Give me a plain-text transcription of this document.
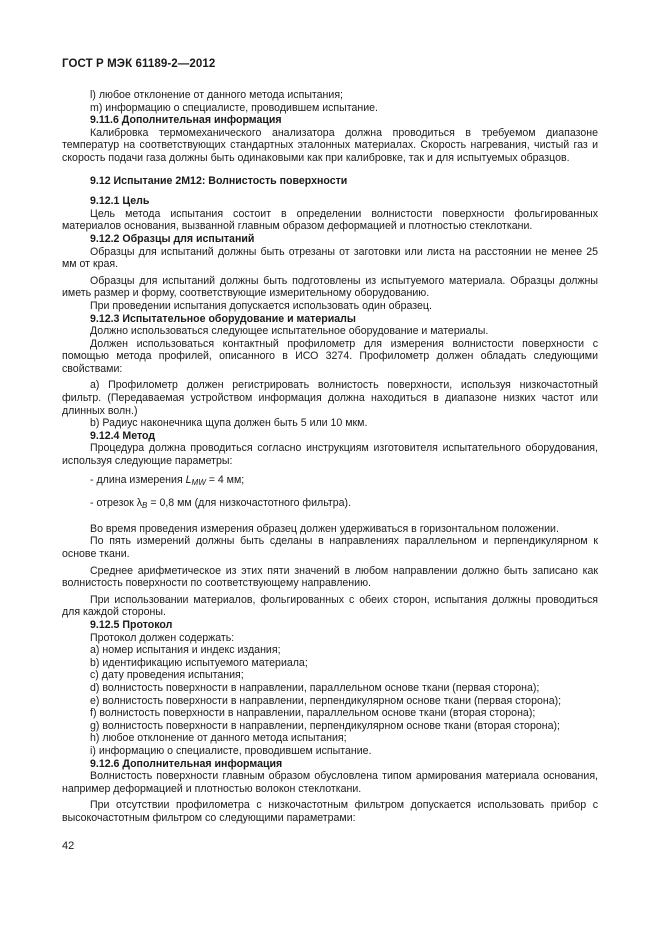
ГОСТ Р МЭК 61189-2—2012

l) любое отклонение от данного метода испытания;

m) информацию о специалисте, проводившем испытание.

9.11.6 Дополнительная информация

Калибровка термомеханического анализатора должна проводиться в требуемом диапазоне температур на соответствующих стандартных эталонных материалах. Скорость нагревания, чистый газ и скорость подачи газа должны быть одинаковыми как при калибровке, так и для испытуемых образцов.

9.12 Испытание 2M12: Волнистость поверхности

9.12.1 Цель

Цель метода испытания состоит в определении волнистости поверхности фольгированных материалов основания, вызванной главным образом деформацией и плотностью стеклоткани.

9.12.2 Образцы для испытаний

Образцы для испытаний должны быть отрезаны от заготовки или листа на расстоянии не менее 25 мм от края.

Образцы для испытаний должны быть подготовлены из испытуемого материала. Образцы должны иметь размер и форму, соответствующие измерительному оборудованию.

При проведении испытания допускается использовать один образец.

9.12.3 Испытательное оборудование и материалы

Должно использоваться следующее испытательное оборудование и материалы.

Должен использоваться контактный профилометр для измерения волнистости поверхности с помощью метода профилей, описанного в ИСО 3274. Профилометр должен обладать следующими свойствами:

a) Профилометр должен регистрировать волнистость поверхности, используя низкочастотный фильтр. (Передаваемая устройством информация должна находиться в диапазоне низких частот или длинных волн.)

b) Радиус наконечника щупа должен быть 5 или 10 мкм.

9.12.4 Метод

Процедура должна проводиться согласно инструкциям изготовителя испытательного оборудования, используя следующие параметры:

- длина измерения $L_{MW} = 4$ мм;

- отрезок $\lambda_B = 0,8$ мм (для низкочастотного фильтра).

Во время проведения измерения образец должен удерживаться в горизонтальном положении.

По пять измерений должны быть сделаны в направлениях параллельном и перпендикулярном к основе ткани.

Среднее арифметическое из этих пяти значений в любом направлении должно быть записано как волнистость поверхности по соответствующему направлению.

При использовании материалов, фольгированных с обеих сторон, испытания должны проводиться для каждой стороны.

9.12.5 Протокол

Протокол должен содержать:

a) номер испытания и индекс издания;

b) идентификацию испытуемого материала;

c) дату проведения испытания;

d) волнистость поверхности в направлении, параллельном основе ткани (первая сторона);

e) волнистость поверхности в направлении, перпендикулярном основе ткани (первая сторона);

f) волнистость поверхности в направлении, параллельном основе ткани (вторая сторона);

g) волнистость поверхности в направлении, перпендикулярном основе ткани (вторая сторона);

h) любое отклонение от данного метода испытания;

i) информацию о специалисте, проводившем испытание.

9.12.6 Дополнительная информация

Волнистость поверхности главным образом обусловлена типом армирования материала основания, например деформацией и плотностью волокон стеклоткани.

При отсутствии профилометра с низкочастотным фильтром допускается использовать прибор с высокочастотным фильтром со следующими параметрами:

42
